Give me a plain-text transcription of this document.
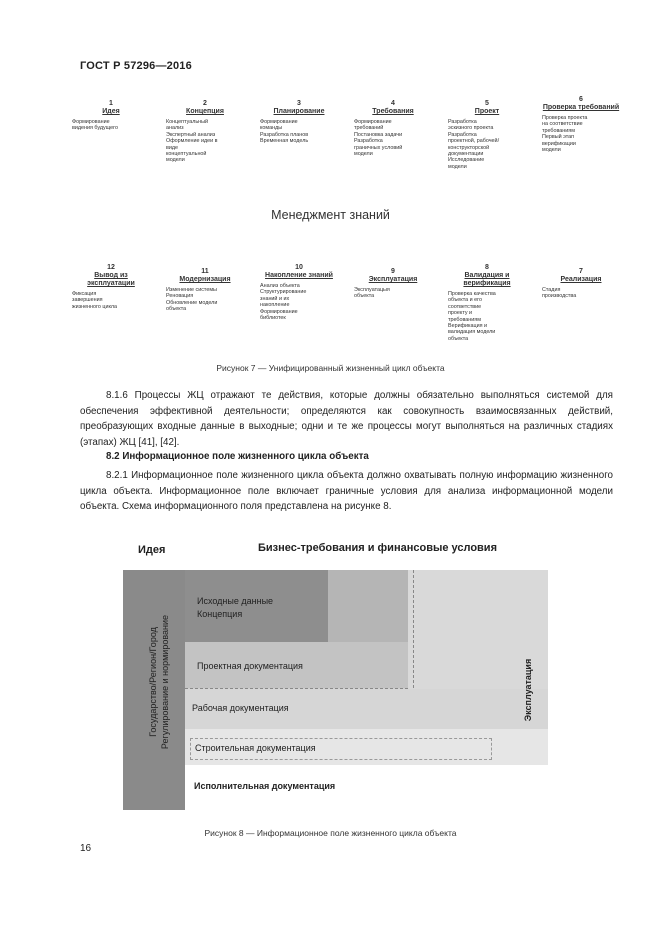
ГОСТ Р 57296—2016
1
Идея
Формирование
видения будущего
2
Концепция
Концептуальный
анализ
Экспертный анализ
Оформление идеи в
виде
концептуальной
модели
3
Планирование
Формирование
команды
Разработка планов
Временная модель
4
Требования
Формирование
требований
Постановка задачи
Разработка
граничных условий
модели
5
Проект
Разработка
эскизного проекта
Разработка
проектной, рабочей/
конструкторской
документации
Исследование
модели
6
Проверка требований
Проверка проекта
на соответствие
требованиям
Первый этап
верификации
модели
Менеджмент знаний
12
Вывод из эксплуатации
Фиксация
завершения
жизненного цикла
11
Модернизация
Изменение системы
Реновация
Обновление модели
объекта
10
Накопление знаний
Анализ объекта
Структурирование
знаний и их
накопление
Формирование
библиотек
9
Эксплуатация
Эксплуатацыя
объекта
8
Валидация и верификация
Проверка качества
объекта и его
соответствие
проекту и
требованиям
Верификация и
валидация модели
объекта
7
Реализация
Стадия
производства
Рисунок 7 — Унифицированный жизненный цикл объекта

8.1.6 Процессы ЖЦ отражают те действия, которые должны обязательно выполняться системой для обеспечения эффективной деятельности; определяются как совокупность взаимосвязанных действий, преобразующих входные данные в выходные; одни и те же процессы могут выполняться на различных стадиях (этапах) ЖЦ [41], [42].

8.2 Информационное поле жизненного цикла объекта

8.2.1 Информационное поле жизненного цикла объекта должно охватывать полную информацию жизненного цикла объекта. Информационное поле включает граничные условия для анализа информационной модели объекта. Схема информационного поля представлена на рисунке 8.

Идея	Бизнес-требования и финансовые условия
Исходные данные
Концепция
Проектная документация
Рабочая документация
Строительная документация
Исполнительная документация
Государство/Регион/Город Регулирование и нормирование	Эксплуатация
Рисунок 8 — Информационное поле жизненного цикла объекта
16
